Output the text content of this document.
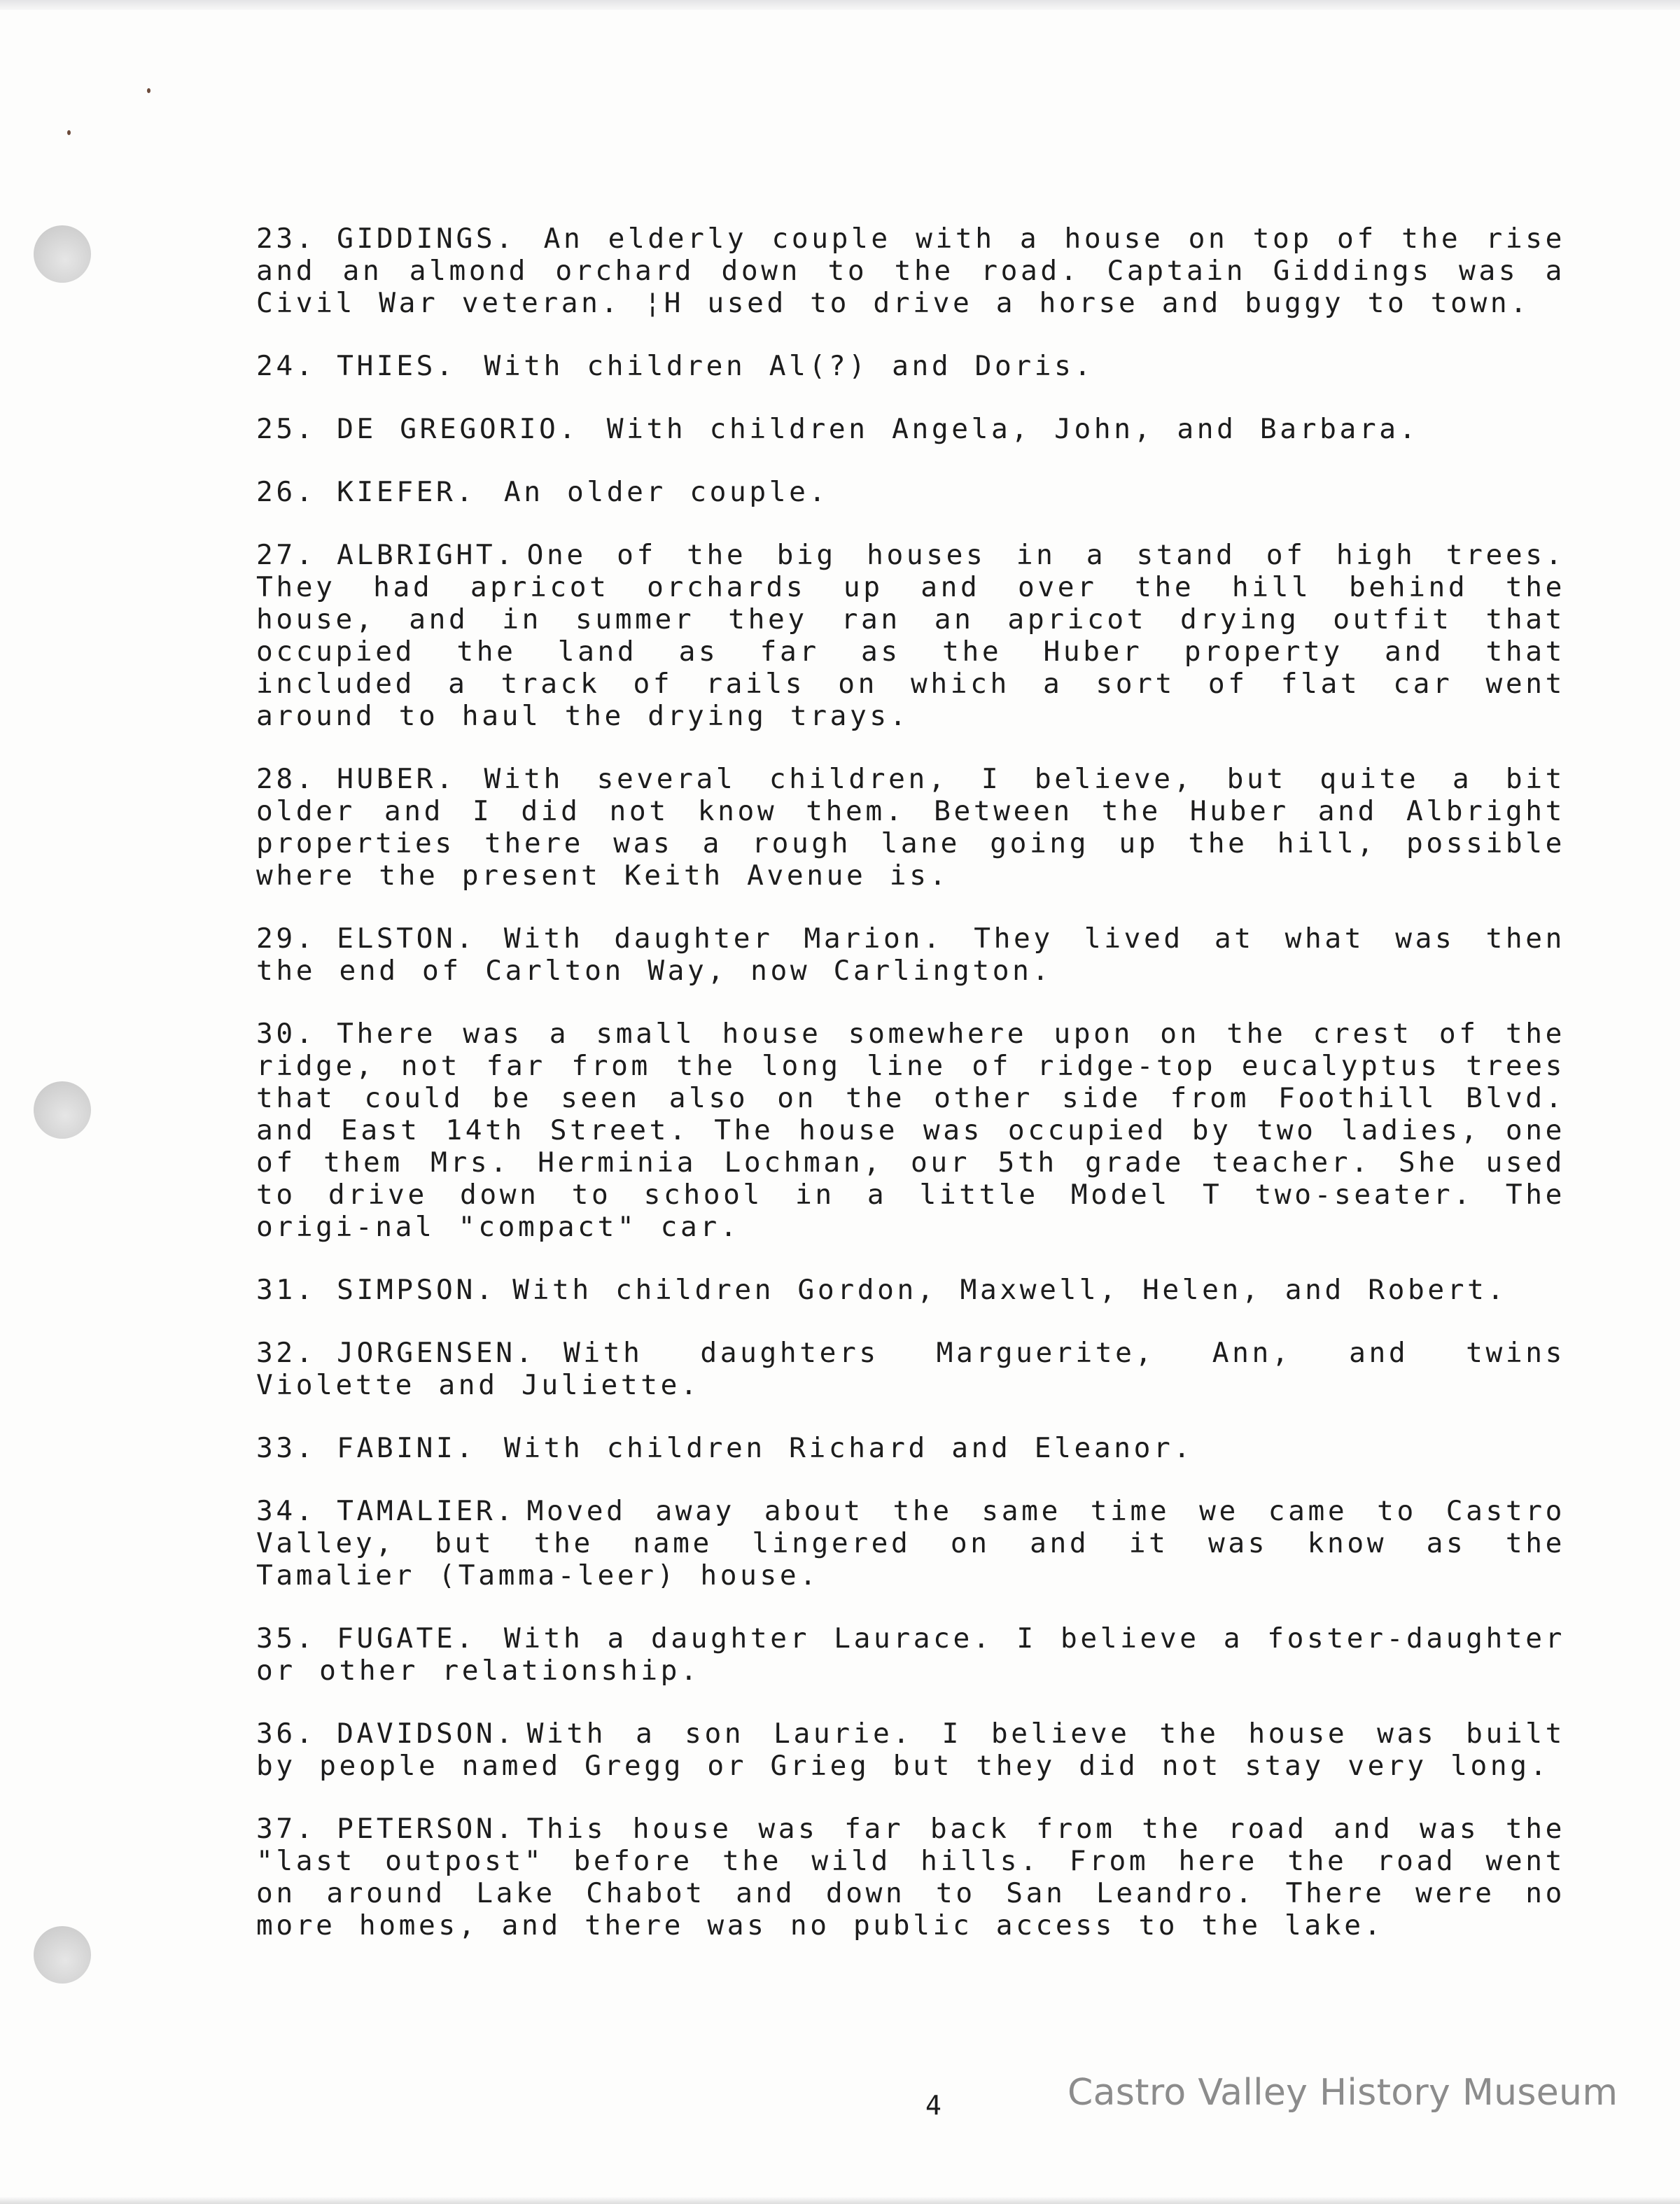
23. GIDDINGS. An elderly couple with a house on top of the rise and an almond orchard down to the road. Captain Giddings was a Civil War veteran. ¦H used to drive a horse and buggy to town.

24. THIES. With children Al(?) and Doris.

25. DE GREGORIO. With children Angela, John, and Barbara.

26. KIEFER. An older couple.

27. ALBRIGHT. One of the big houses in a stand of high trees. They had apricot orchards up and over the hill behind the house, and in summer they ran an apricot drying outfit that occupied the land as far as the Huber property and that included a track of rails on which a sort of flat car went around to haul the drying trays.

28. HUBER. With several children, I believe, but quite a bit older and I did not know them. Between the Huber and Albright properties there was a rough lane going up the hill, possible where the present Keith Avenue is.

29. ELSTON. With daughter Marion. They lived at what was then the end of Carlton Way, now Carlington.

30. There was a small house somewhere upon on the crest of the ridge, not far from the long line of ridge-top eucalyptus trees that could be seen also on the other side from Foothill Blvd. and East 14th Street. The house was occupied by two ladies, one of them Mrs. Herminia Lochman, our 5th grade teacher. She used to drive down to school in a little Model T two-seater. The origi-nal "compact" car.

31. SIMPSON. With children Gordon, Maxwell, Helen, and Robert.

32. JORGENSEN. With daughters Marguerite, Ann, and twins Violette and Juliette.

33. FABINI. With children Richard and Eleanor.

34. TAMALIER. Moved away about the same time we came to Castro Valley, but the name lingered on and it was know as the Tamalier (Tamma-leer) house.

35. FUGATE. With a daughter Laurace. I believe a foster-daughter or other relationship.

36. DAVIDSON. With a son Laurie. I believe the house was built by people named Gregg or Grieg but they did not stay very long.

37. PETERSON. This house was far back from the road and was the "last outpost" before the wild hills. From here the road went on around Lake Chabot and down to San Leandro. There were no more homes, and there was no public access to the lake.

4	Castro Valley History Museum
